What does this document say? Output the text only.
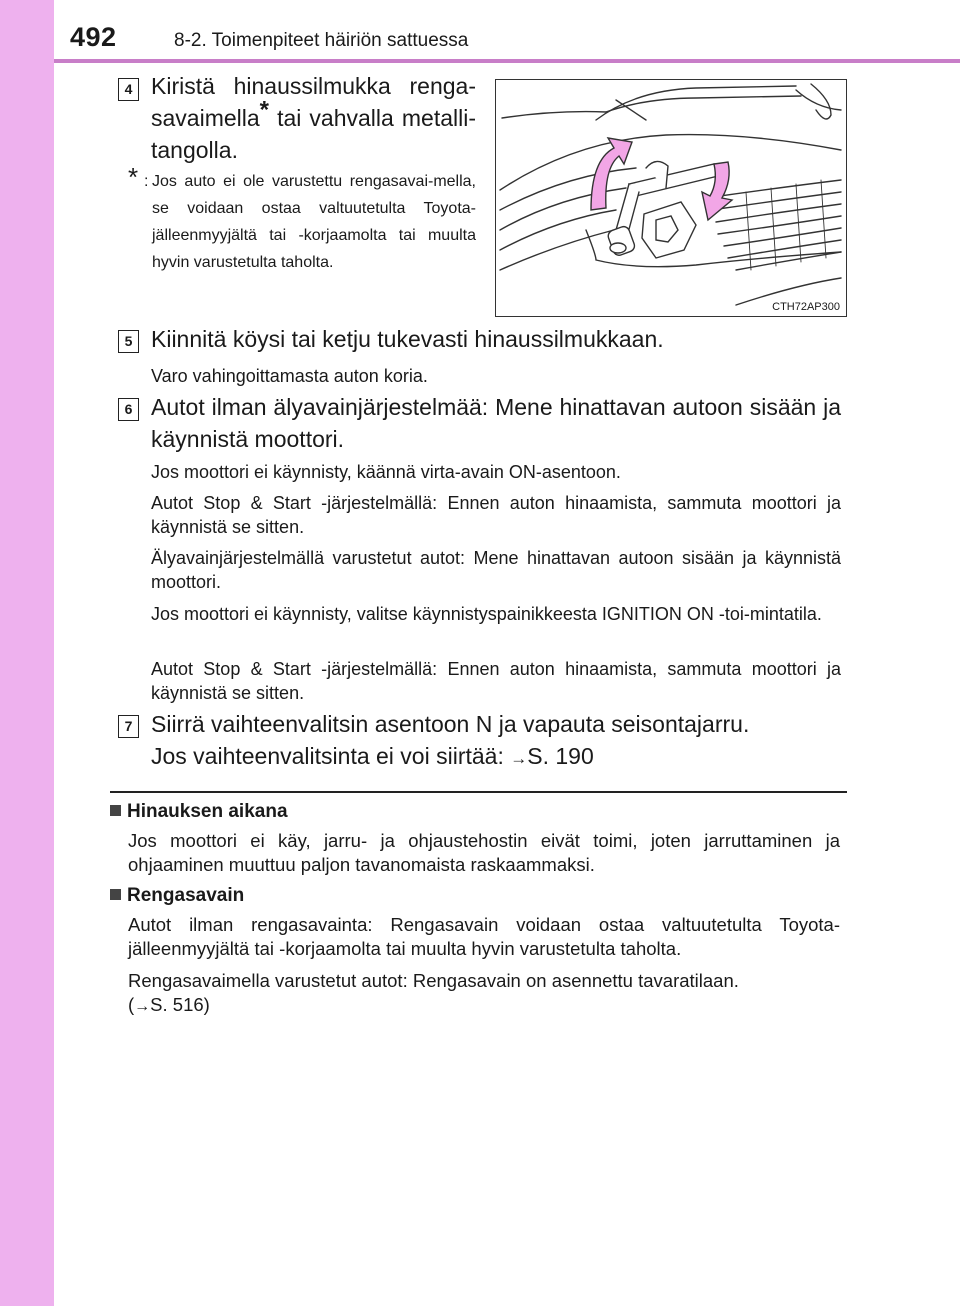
492	8-2. Toimenpiteet häiriön sattuessa
4 Kiristä hinaussilmukka renga-
savaimella* tai vahvalla metalli-
tangolla.
* : Jos auto ei ole varustettu rengasavai-mella, se voidaan ostaa valtuutetulta Toyota-jälleenmyyjältä tai -korjaamolta tai muulta hyvin varustetulta taholta.
CTH72AP300
5 Kiinnitä köysi tai ketju tukevasti hinaussilmukkaan.
Varo vahingoittamasta auton koria.
6 Autot ilman älyavainjärjestelmää: Mene hinattavan autoon sisään ja käynnistä moottori.
Jos moottori ei käynnisty, käännä virta-avain ON-asentoon.
Autot Stop & Start -järjestelmällä: Ennen auton hinaamista, sammuta moottori ja käynnistä se sitten.
Älyavainjärjestelmällä varustetut autot: Mene hinattavan autoon sisään ja käynnistä moottori.
Jos moottori ei käynnisty, valitse käynnistyspainikkeesta IGNITION ON -toi-mintatila.
Autot Stop & Start -järjestelmällä: Ennen auton hinaamista, sammuta moottori ja käynnistä se sitten.
7 Siirrä vaihteenvalitsin asentoon N ja vapauta seisontajarru.
Jos vaihteenvalitsinta ei voi siirtää: →S. 190
Hinauksen aikana
Jos moottori ei käy, jarru- ja ohjaustehostin eivät toimi, joten jarruttaminen ja ohjaaminen muuttuu paljon tavanomaista raskaammaksi.
Rengasavain
Autot ilman rengasavainta: Rengasavain voidaan ostaa valtuutetulta Toyota-jälleenmyyjältä tai -korjaamolta tai muulta hyvin varustetulta taholta.
Rengasavaimella varustetut autot: Rengasavain on asennettu tavaratilaan.
(→S. 516)
